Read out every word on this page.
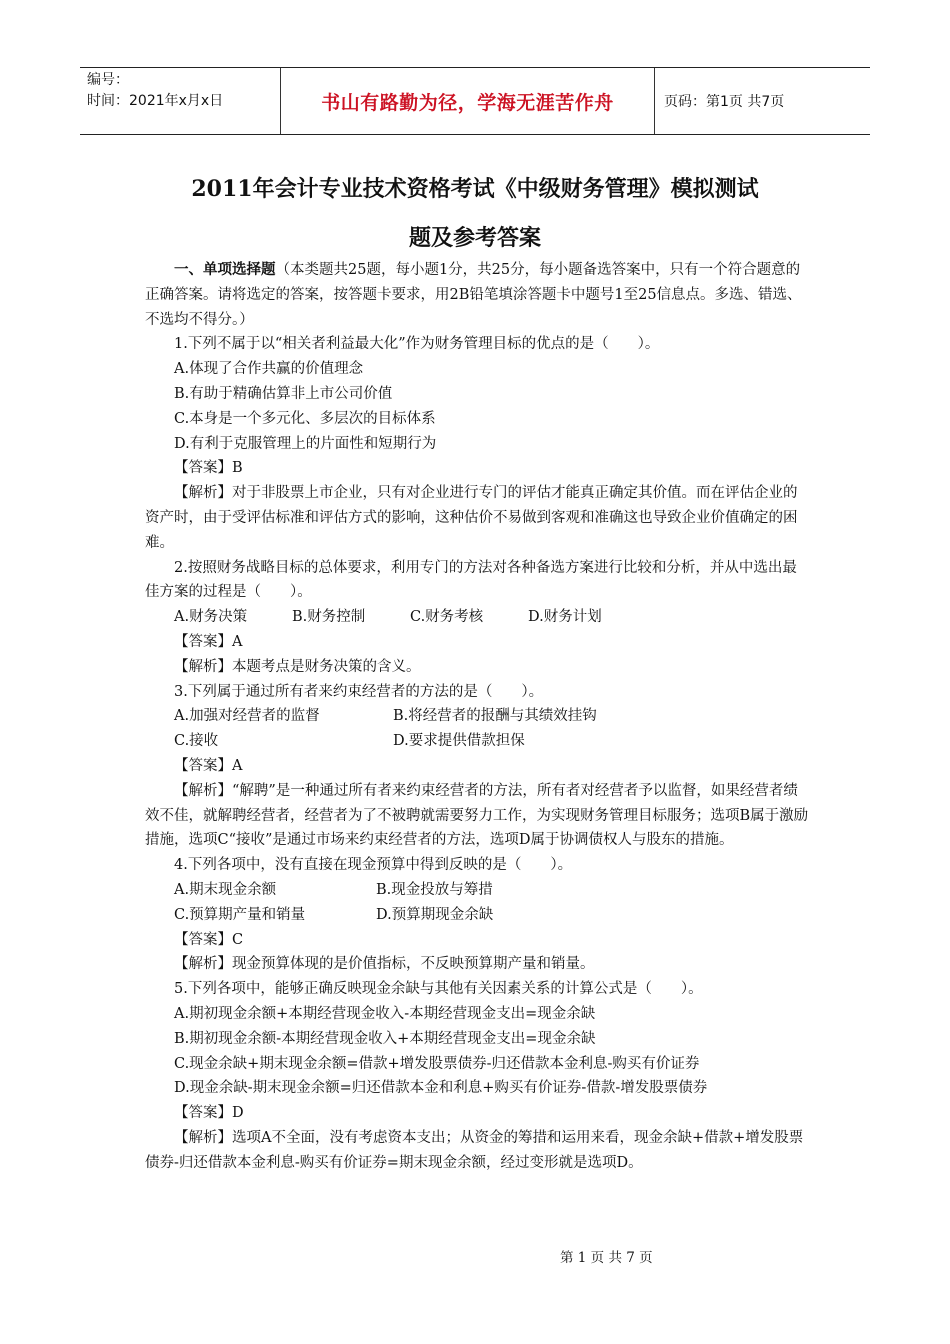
编号：
时间：2021年x月x日	书山有路勤为径，学海无涯苦作舟	页码：第1页 共7页
2011年会计专业技术资格考试《中级财务管理》模拟测试
题及参考答案

一、单项选择题（本类题共25题，每小题1分，共25分，每小题备选答案中，只有一个符合题意的正确答案。请将选定的答案，按答题卡要求，用2B铅笔填涂答题卡中题号1至25信息点。多选、错选、不选均不得分。）

1.下列不属于以“相关者利益最大化”作为财务管理目标的优点的是（　　）。

A.体现了合作共赢的价值理念

B.有助于精确估算非上市公司价值

C.本身是一个多元化、多层次的目标体系

D.有利于克服管理上的片面性和短期行为

【答案】B

【解析】对于非股票上市企业，只有对企业进行专门的评估才能真正确定其价值。而在评估企业的资产时，由于受评估标准和评估方式的影响，这种估价不易做到客观和准确这也导致企业价值确定的困难。

2.按照财务战略目标的总体要求，利用专门的方法对各种备选方案进行比较和分析，并从中选出最佳方案的过程是（　　）。

A.财务决策	B.财务控制	C.财务考核	D.财务计划

【答案】A

【解析】本题考点是财务决策的含义。

3.下列属于通过所有者来约束经营者的方法的是（　　）。

A.加强对经营者的监督	B.将经营者的报酬与其绩效挂钩
C.接收	D.要求提供借款担保

【答案】A

【解析】“解聘”是一种通过所有者来约束经营者的方法，所有者对经营者予以监督，如果经营者绩效不佳，就解聘经营者，经营者为了不被聘就需要努力工作，为实现财务管理目标服务；选项B属于激励措施，选项C“接收”是通过市场来约束经营者的方法，选项D属于协调债权人与股东的措施。

4.下列各项中，没有直接在现金预算中得到反映的是（　　）。

A.期末现金余额	B.现金投放与筹措
C.预算期产量和销量	D.预算期现金余缺

【答案】C

【解析】现金预算体现的是价值指标，不反映预算期产量和销量。

5.下列各项中，能够正确反映现金余缺与其他有关因素关系的计算公式是（　　）。

A.期初现金余额+本期经营现金收入-本期经营现金支出=现金余缺

B.期初现金余额-本期经营现金收入+本期经营现金支出=现金余缺

C.现金余缺+期末现金余额=借款+增发股票债券-归还借款本金利息-购买有价证券

D.现金余缺-期末现金余额=归还借款本金和利息+购买有价证券-借款-增发股票债券

【答案】D

【解析】选项A不全面，没有考虑资本支出；从资金的筹措和运用来看，现金余缺+借款+增发股票债券-归还借款本金利息-购买有价证券=期末现金余额，经过变形就是选项D。

第 1 页 共 7 页
